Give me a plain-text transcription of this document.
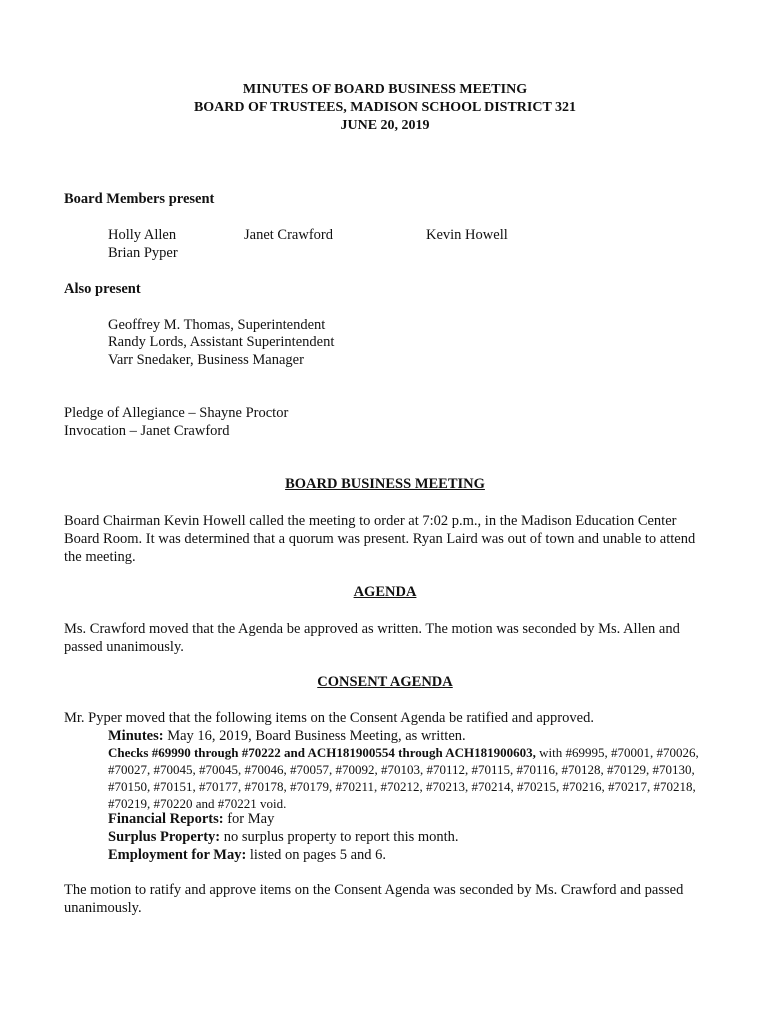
MINUTES OF BOARD BUSINESS MEETING
BOARD OF TRUSTEES, MADISON SCHOOL DISTRICT 321
JUNE 20, 2019
Board Members present
Holly Allen	Janet Crawford	Kevin Howell
Brian Pyper
Also present
Geoffrey M. Thomas, Superintendent
Randy Lords, Assistant Superintendent
Varr Snedaker, Business Manager
Pledge of Allegiance – Shayne Proctor
Invocation – Janet Crawford
BOARD BUSINESS MEETING
Board Chairman Kevin Howell called the meeting to order at 7:02 p.m., in the Madison Education Center Board Room. It was determined that a quorum was present. Ryan Laird was out of town and unable to attend the meeting.
AGENDA
Ms. Crawford moved that the Agenda be approved as written. The motion was seconded by Ms. Allen and passed unanimously.
CONSENT AGENDA
Mr. Pyper moved that the following items on the Consent Agenda be ratified and approved.
Minutes: May 16, 2019, Board Business Meeting, as written.
Checks #69990 through #70222 and ACH181900554 through ACH181900603, with #69995, #70001, #70026, #70027, #70045, #70045, #70046, #70057, #70092, #70103, #70112, #70115, #70116, #70128, #70129, #70130, #70150, #70151, #70177, #70178, #70179, #70211, #70212, #70213, #70214, #70215, #70216, #70217, #70218, #70219, #70220 and #70221 void.
Financial Reports: for May
Surplus Property: no surplus property to report this month.
Employment for May: listed on pages 5 and 6.
The motion to ratify and approve items on the Consent Agenda was seconded by Ms. Crawford and passed unanimously.
